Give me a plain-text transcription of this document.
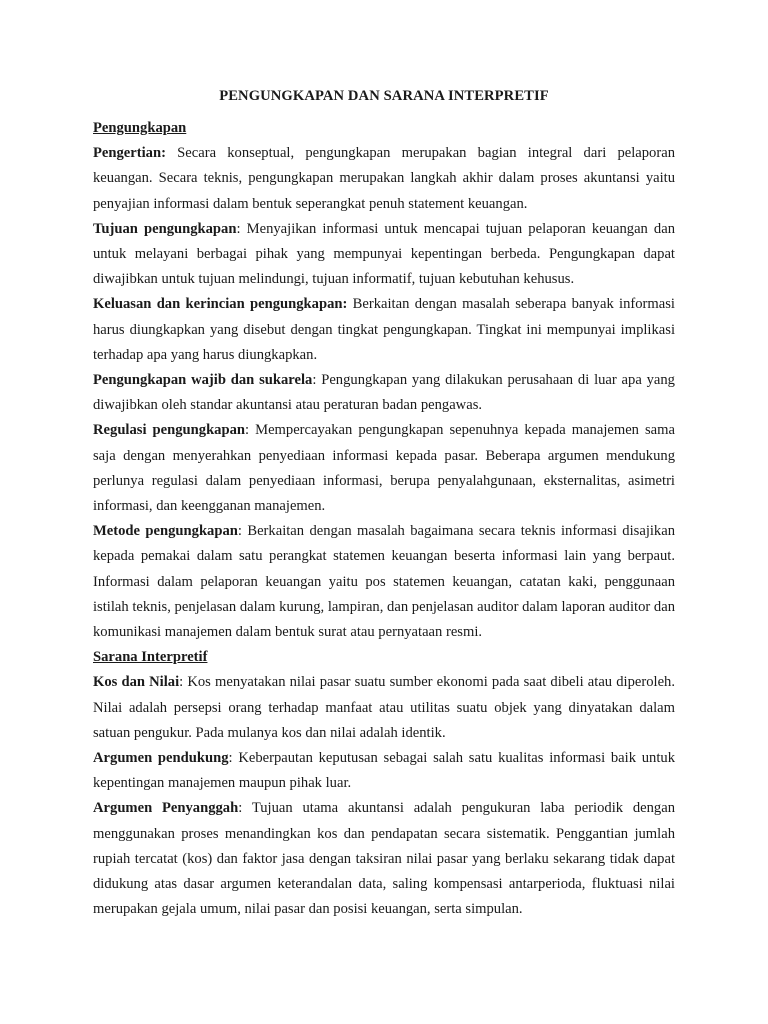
PENGUNGKAPAN DAN SARANA INTERPRETIF
Pengungkapan

Pengertian: Secara konseptual, pengungkapan merupakan bagian integral dari pelaporan keuangan. Secara teknis, pengungkapan merupakan langkah akhir dalam proses akuntansi yaitu penyajian informasi dalam bentuk seperangkat penuh statement keuangan.

Tujuan pengungkapan: Menyajikan informasi untuk mencapai tujuan pelaporan keuangan dan untuk melayani berbagai pihak yang mempunyai kepentingan berbeda. Pengungkapan dapat diwajibkan untuk tujuan melindungi, tujuan informatif, tujuan kebutuhan kehusus.

Keluasan dan kerincian pengungkapan: Berkaitan dengan masalah seberapa banyak informasi harus diungkapkan yang disebut dengan tingkat pengungkapan. Tingkat ini mempunyai implikasi terhadap apa yang harus diungkapkan.

Pengungkapan wajib dan sukarela: Pengungkapan yang dilakukan perusahaan di luar apa yang diwajibkan oleh standar akuntansi atau peraturan badan pengawas.

Regulasi pengungkapan: Mempercayakan pengungkapan sepenuhnya kepada manajemen sama saja dengan menyerahkan penyediaan informasi kepada pasar. Beberapa argumen mendukung perlunya regulasi dalam penyediaan informasi, berupa penyalahgunaan, eksternalitas, asimetri informasi, dan keengganan manajemen.

Metode pengungkapan: Berkaitan dengan masalah bagaimana secara teknis informasi disajikan kepada pemakai dalam satu perangkat statemen keuangan beserta informasi lain yang berpaut. Informasi dalam pelaporan keuangan yaitu pos statemen keuangan, catatan kaki, penggunaan istilah teknis, penjelasan dalam kurung, lampiran, dan penjelasan auditor dalam laporan auditor dan komunikasi manajemen dalam bentuk surat atau pernyataan resmi.

Sarana Interpretif

Kos dan Nilai: Kos menyatakan nilai pasar suatu sumber ekonomi pada saat dibeli atau diperoleh. Nilai adalah persepsi orang terhadap manfaat atau utilitas suatu objek yang dinyatakan dalam satuan pengukur. Pada mulanya kos dan nilai adalah identik.

Argumen pendukung: Keberpautan keputusan sebagai salah satu kualitas informasi baik untuk kepentingan manajemen maupun pihak luar.

Argumen Penyanggah: Tujuan utama akuntansi adalah pengukuran laba periodik dengan menggunakan proses menandingkan kos dan pendapatan secara sistematik. Penggantian jumlah rupiah tercatat (kos) dan faktor jasa dengan taksiran nilai pasar yang berlaku sekarang tidak dapat didukung atas dasar argumen keterandalan data, saling kompensasi antarperioda, fluktuasi nilai merupakan gejala umum, nilai pasar dan posisi keuangan, serta simpulan.
